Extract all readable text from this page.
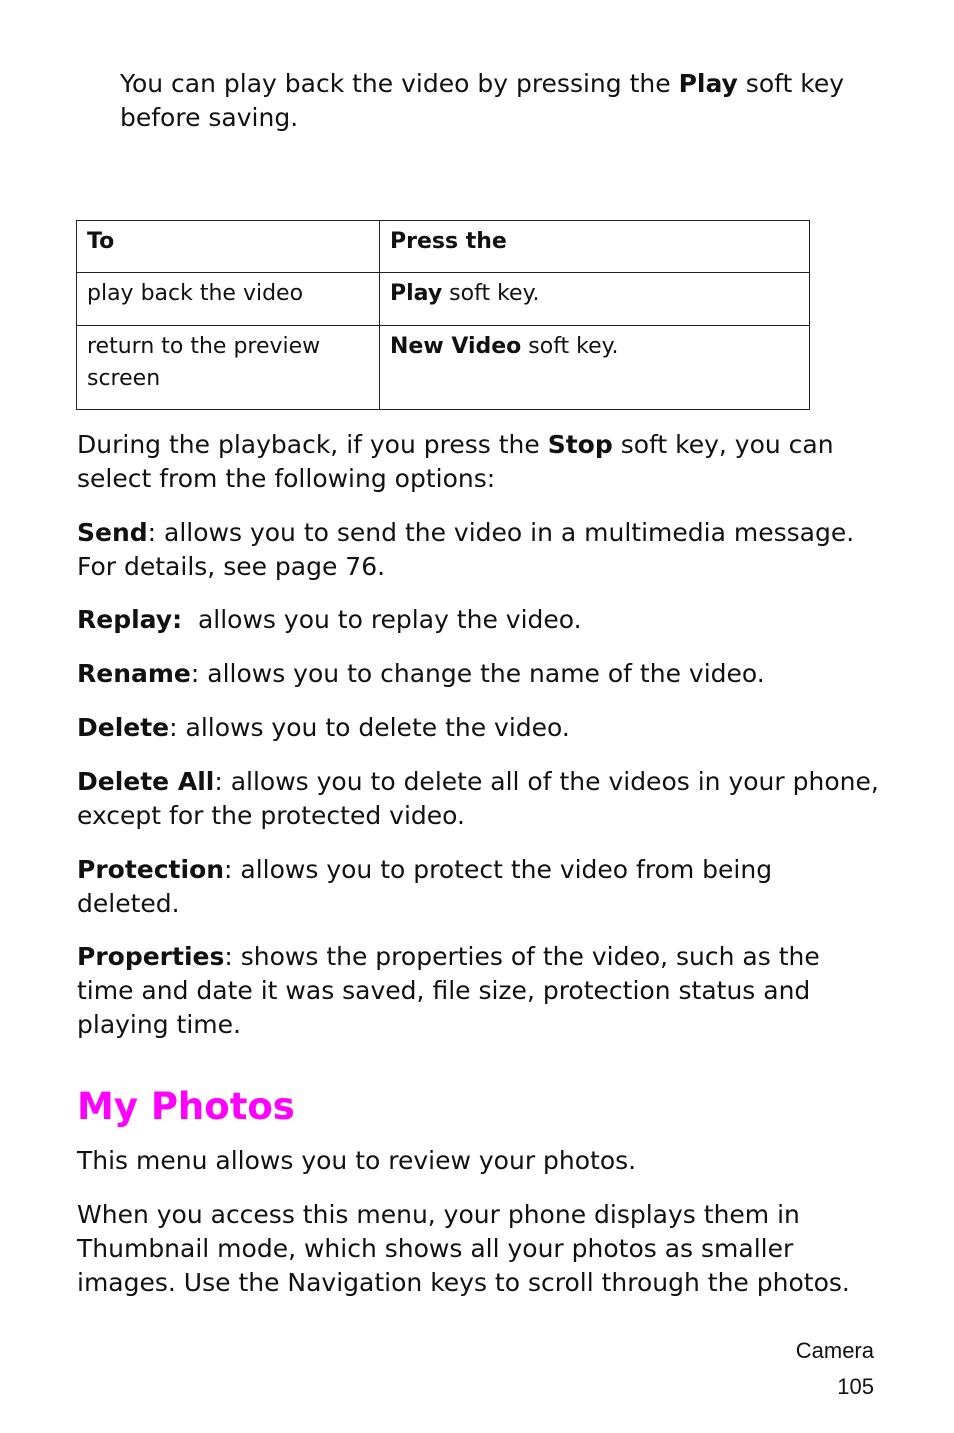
You can play back the video by pressing the Play soft key before saving.

To	Press the
play back the video	Play soft key.
return to the preview screen	New Video soft key.

During the playback, if you press the Stop soft key, you can select from the following options:

Send: allows you to send the video in a multimedia message. For details, see page 76.

Replay:  allows you to replay the video.

Rename: allows you to change the name of the video.

Delete: allows you to delete the video.

Delete All: allows you to delete all of the videos in your phone, except for the protected video.

Protection: allows you to protect the video from being deleted.

Properties: shows the properties of the video, such as the time and date it was saved, file size, protection status and playing time.

My Photos

This menu allows you to review your photos.

When you access this menu, your phone displays them in Thumbnail mode, which shows all your photos as smaller images. Use the Navigation keys to scroll through the photos.

Camera
105
